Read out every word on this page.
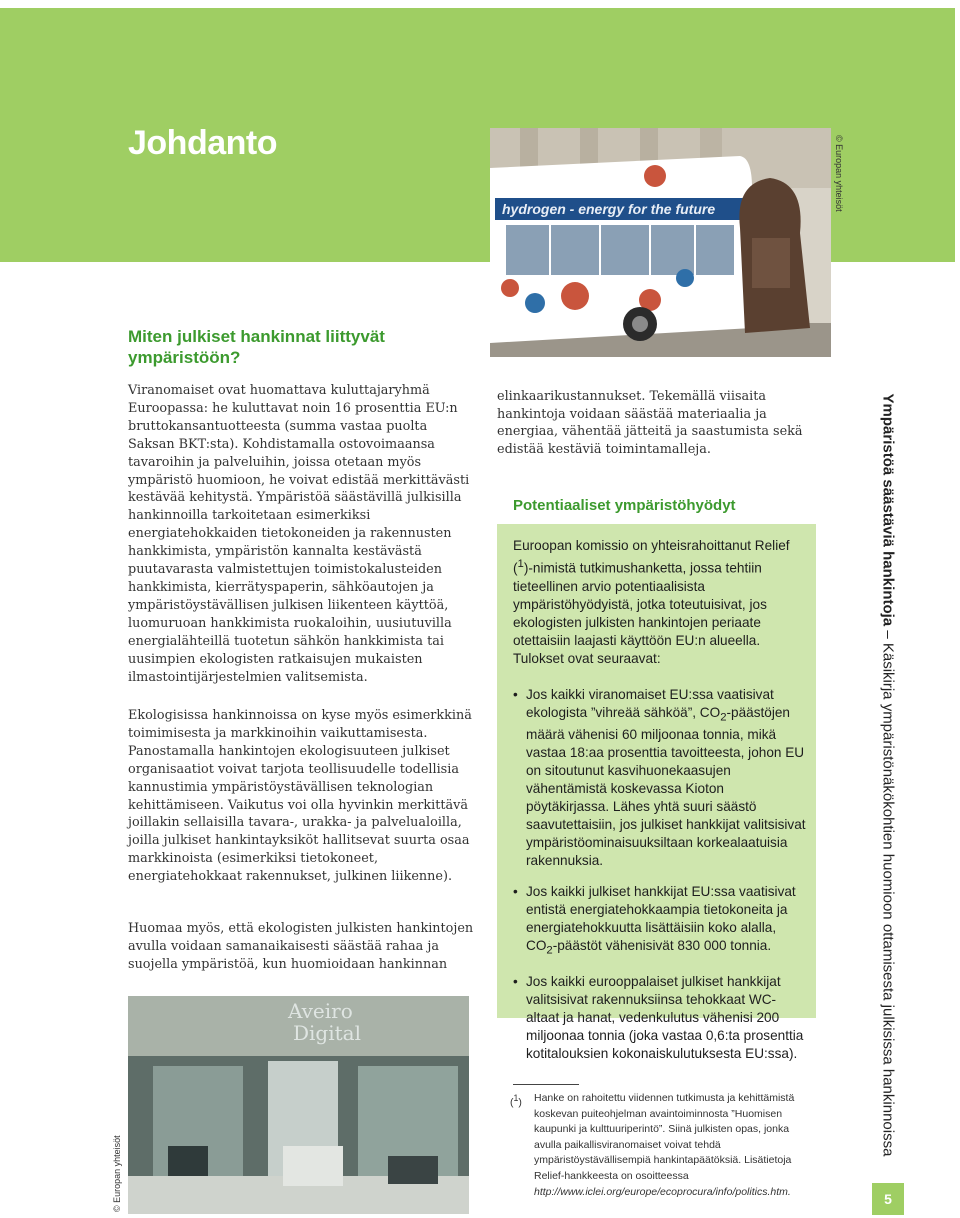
Johdanto
hydrogen - energy for the future	© Europan yhteisöt
Miten julkiset hankinnat liittyvät ympäristöön?

Viranomaiset ovat huomattava kuluttajaryhmä Euroopassa: he kuluttavat noin 16 prosenttia EU:n bruttokansantuotteesta (summa vastaa puolta Saksan BKT:sta). Kohdistamalla ostovoimaansa tavaroihin ja palveluihin, joissa otetaan myös ympäristö huomioon, he voivat edistää merkittävästi kestävää kehitystä. Ympäristöä säästävillä julkisilla hankinnoilla tarkoitetaan esimerkiksi energiatehokkaiden tietokoneiden ja rakennusten hankkimista, ympäristön kannalta kestävästä puutavarasta valmistettujen toimistokalusteiden hankkimista, kierrätyspaperin, sähköautojen ja ympäristöystävällisen julkisen liikenteen käyttöä, luomuruoan hankkimista ruokaloihin, uusiutuvilla energialähteillä tuotetun sähkön hankkimista tai uusimpien ekologisten ratkaisujen mukaisten ilmastointijärjestelmien valitsemista.

Ekologisissa hankinnoissa on kyse myös esimerkkinä toimimisesta ja markkinoihin vaikuttamisesta. Panostamalla hankintojen ekologisuuteen julkiset organisaatiot voivat tarjota teollisuudelle todellisia kannustimia ympäristöystävällisen teknologian kehittämiseen. Vaikutus voi olla hyvinkin merkittävä joillakin sellaisilla tavara-, urakka- ja palvelualoilla, joilla julkiset hankintayksiköt hallitsevat suurta osaa markkinoista (esimerkiksi tietokoneet, energiatehokkaat rakennukset, julkinen liikenne).

Huomaa myös, että ekologisten julkisten hankintojen avulla voidaan samanaikaisesti säästää rahaa ja suojella ympäristöä, kun huomioidaan hankinnan

Aveiro
Digital
© Europan yhteisöt

elinkaarikustannukset. Tekemällä viisaita hankintoja voidaan säästää materiaalia ja energiaa, vähentää jätteitä ja saastumista sekä edistää kestäviä toimintamalleja.

Potentiaaliset ympäristöhyödyt

Euroopan komissio on yhteisrahoittanut Relief ($^1$)-nimistä tutkimushanketta, jossa tehtiin tieteellinen arvio potentiaalisista ympäristöhyödyistä, jotka toteutuisivat, jos ekologisten julkisten hankintojen periaate otettaisiin laajasti käyttöön EU:n alueella. Tulokset ovat seuraavat:

• Jos kaikki viranomaiset EU:ssa vaatisivat ekologista ”vihreää sähköä”, $CO_2$-päästöjen määrä vähenisi 60 miljoonaa tonnia, mikä vastaa 18:aa prosenttia tavoitteesta, johon EU on sitoutunut kasvihuonekaasujen vähentämistä koskevassa Kioton pöytäkirjassa. Lähes yhtä suuri säästö saavutettaisiin, jos julkiset hankkijat valitsisivat ympäristöominaisuuksiltaan korkealaatuisia rakennuksia.
• Jos kaikki julkiset hankkijat EU:ssa vaatisivat entistä energiatehokkaampia tietokoneita ja energiatehokkuutta lisättäisiin koko alalla, $CO_2$-päästöt vähenisivät 830 000 tonnia.
• Jos kaikki eurooppalaiset julkiset hankkijat valitsisivat rakennuksiinsa tehokkaat WC-altaat ja hanat, vedenkulutus vähenisi 200 miljoonaa tonnia (joka vastaa 0,6:ta prosenttia kotitalouksien kokonaiskulutuksesta EU:ssa).
($^1$) Hanke on rahoitettu viidennen tutkimusta ja kehittämistä koskevan puiteohjelman avaintoiminnosta ”Huomisen kaupunki ja kulttuuriperintö”. Siinä julkisten opas, jonka avulla paikallisviranomaiset voivat tehdä ympäristöystävällisempiä hankintapäätöksiä. Lisätietoja Relief-hankkeesta on osoitteessa
http://www.iclei.org/europe/ecoprocura/info/politics.htm.
Ympäristöä säästäviä hankintoja – Käsikirja ympäristönäkökohtien huomioon ottamisesta julkisissa hankinnoissa
5
